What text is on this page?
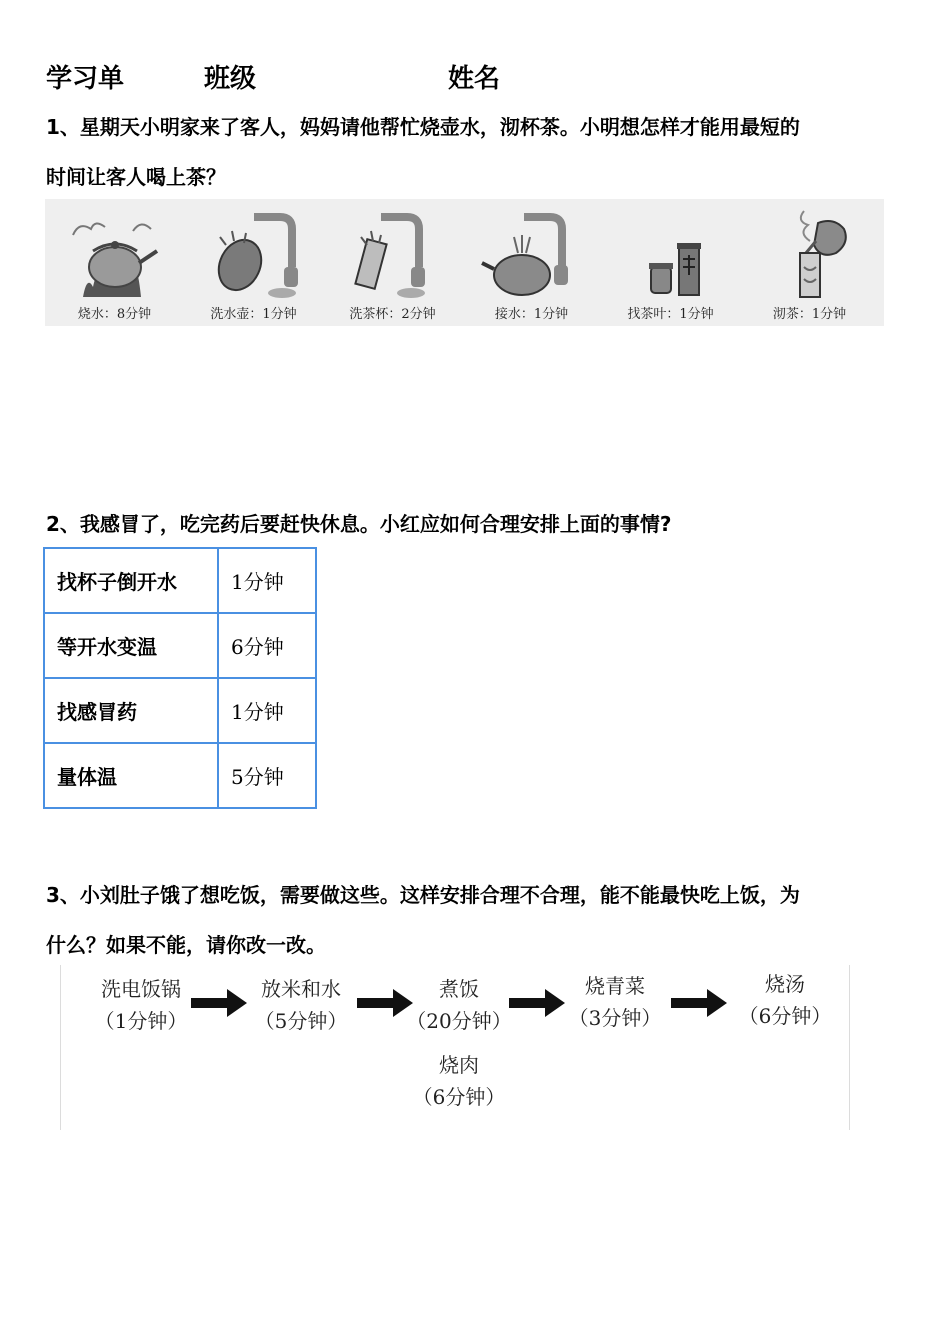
学习单	班级	姓名
1、星期天小明家来了客人，妈妈请他帮忙烧壶水，沏杯茶。小明想怎样才能用最短的
时间让客人喝上茶？
烧水：8分钟	洗水壶：1分钟	洗茶杯：2分钟	接水：1分钟	找茶叶：1分钟	沏茶：1分钟
2、我感冒了，吃完药后要赶快休息。小红应如何合理安排上面的事情?
找杯子倒开水	1分钟
等开水变温	6分钟
找感冒药	1分钟
量体温	5分钟
3、小刘肚子饿了想吃饭，需要做这些。这样安排合理不合理，能不能最快吃上饭，为
什么？如果不能，请你改一改。
洗电饭锅
（1分钟）
放米和水
（5分钟）
煮饭
（20分钟）
烧青菜
（3分钟）
烧汤
（6分钟）
烧肉
（6分钟）
